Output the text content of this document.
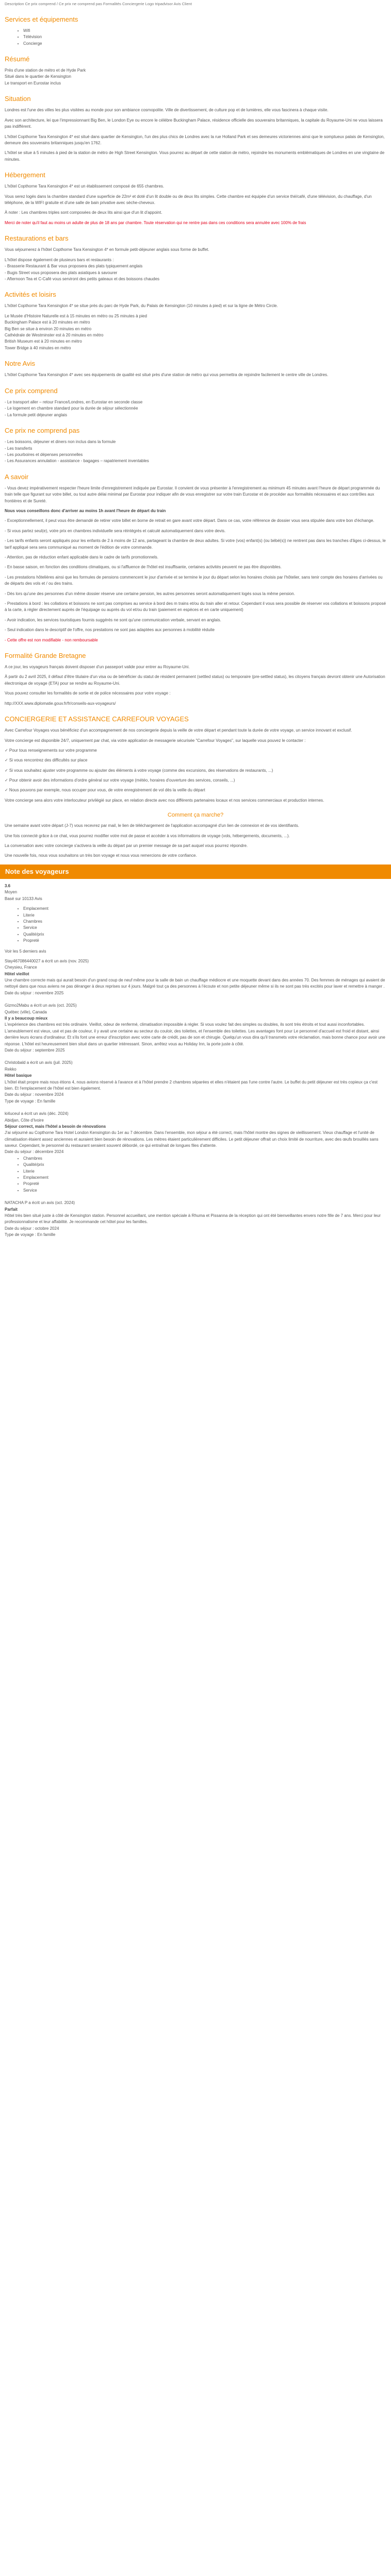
Description Ce prix comprend / Ce prix ne comprend pas Formalités Conciergerie Logo tripadvisor Avis Client

Services et équipements
• Wifi
• Télévision
• Concierge
Résumé

Près d'une station de métro et de Hyde Park
Situé dans le quartier de Kensington
Le transport en Eurostar inclus

Situation

Londres est l'une des villes les plus visitées au monde pour son ambiance cosmopolite. Ville de divertissement, de culture pop et de lumières, elle vous fascinera à chaque visite.

Avec son architecture, lei que l'impressionnant Big Ben, le London Eye ou encore le célèbre Buckingham Palace, résidence officielle des souverains britanniques, la capitale du Royaume-Uni ne vous laissera pas indifférent.

L'hôtel Copthorne Tara Kensington 4* est situé dans quartier de Kensington, l'un des plus chics de Londres avec la rue Holland Park et ses demeures victoriennes ainsi que le somptueux palais de Kensington, demeure des souverains britanniques jusqu'en 1762.

L'hôtel se situe à 5 minutes à pied de la station de métro de High Street Kensington. Vous pourrez au départ de cette station de métro, rejoindre les monuments emblématiques de Londres en une vingtaine de minutes.

Hébergement

L'hôtel Copthorne Tara Kensington 4* est un établissement composé de 655 chambres.

Vous serez logés dans la chambre standard d'une superficie de 22m² et doté d'un lit double ou de deux lits simples. Cette chambre est équipée d'un service thé/café, d'une télévision, du chauffage, d'un téléphone, de la WIFI gratuite et d'une salle de bain privative avec sèche-cheveux.

À noter : Les chambres triples sont composées de deux lits ainsi que d'un lit d'appoint.

Merci de noter qu'il faut au moins un adulte de plus de 18 ans par chambre. Toute réservation qui ne rentre pas dans ces conditions sera annulée avec 100% de frais

Restaurations et bars

Vous séjournerez à l'hôtel Copthorne Tara Kensington 4* en formule petit-déjeuner anglais sous forme de buffet.

L'hôtel dispose également de plusieurs bars et restaurants :
- Brasserie Restaurant & Bar vous proposera des plats typiquement anglais
- Bugis Street vous proposera des plats asiatiques à savourer
- Afternoon Tea et C-Café vous serviront des petits gateaux et des boissons chaudes

Activités et loisirs

L'hôtel Copthorne Tara Kensington 4* se situe près du parc de Hyde Park, du Palais de Kensington (10 minutes à pied) et sur la ligne de Métro Circle.

Le Musée d'Histoire Naturelle est à 15 minutes en métro ou 25 minutes à pied
Buckingham Palace est à 20 minutes en métro
Big Ben se situe à environ 20 minutes en métro
Cathédrale de Westminster est à 20 minutes en métro
British Museum est à 20 minutes en métro
Tower Bridge à 40 minutes en métro

Notre Avis

L'hôtel Copthorne Tara Kensington 4* avec ses équipements de qualité est situé près d'une station de métro qui vous permettra de rejoindre facilement le centre ville de Londres.

Ce prix comprend

- Le transport aller – retour France/Londres, en Eurostar en seconde classe
- Le logement en chambre standard pour la durée de séjour sélectionnée
- La formule petit déjeuner anglais

Ce prix ne comprend pas

- Les boissons, déjeuner et diners non inclus dans la formule
- Les transferts
- Les pourboires et dépenses personnelles
- Les Assurances annulation - assistance - bagages – rapatriement inventables

A savoir

- Vous devez impérativement respecter l'heure limite d'enregistrement indiquée par Eurostar. Il convient de vous présenter à l'enregistrement au minimum 45 minutes avant l'heure de départ programmée du train telle que figurant sur votre billet, ou tout autre délai minimal par Eurostar pour indiquer afin de vous enregistrer sur votre train Eurostar et de procéder aux formalités nécessaires et aux contrôles aux frontières et de Sureté.

Nous vous conseillons donc d'arriver au moins 1h avant l'heure de départ du train

- Exceptionnellement, il peut vous être demandé de retirer votre billet en borne de retrait en gare avant votre départ. Dans ce cas, votre référence de dossier vous sera stipulée dans votre bon d'échange.

- Si vous partez seul(e), votre prix en chambres individuelle sera réintégrés et calculé automatiquement dans votre devis.

- Les tarifs enfants seront appliqués pour les enfants de 2 à moins de 12 ans, partageant la chambre de deux adultes. Si votre (vos) enfant(s) (ou bébé(s)) ne rentrent pas dans les tranches d'âges ci-dessus, le tarif appliqué sera sera communiqué au moment de l'édition de votre commande.

- Attention, pas de réduction enfant applicable dans le cadre de tarifs promotionnels.

- En basse saison, en fonction des conditions climatiques, ou si l'affluence de l'hôtel est insuffisante, certaines activités peuvent ne pas être disponibles.

- Les prestations hôtelières ainsi que les formules de pensions commencent le jour d'arrivée et se termine le jour du départ selon les horaires choisis par l'hôtelier, sans tenir compte des horaires d'arrivées ou de départs des vols et / ou des trains.

- Dès lors qu'une des personnes d'un même dossier réserve une certaine pension, les autres personnes seront automatiquement logés sous la même pension.

- Prestations à bord : les collations et boissons ne sont pas comprises au service à bord des m trains et/ou du train aller et retour. Cependant il vous sera possible de réserver vos collations et boissons proposé à la carte, à régler directement auprès de l'équipage ou auprès du vol et/ou du train (paiement en espèces et en carte uniquement)

- Avoir indication, les services touristiques fournis suggérés ne sont qu'une communication verbale, servant en anglais.

- Seul indication dans le descriptif de l'offre, nos prestations ne sont pas adaptées aux personnes à mobilité réduite

- Cette offre est non modifiable - non remboursable

Formalité Grande Bretagne

A ce jour, les voyageurs français doivent disposer d'un passeport valide pour entrer au Royaume-Uni.

À partir du 2 avril 2025, il défaut d'être titulaire d'un visa ou de bénéficier du statut de résident permanent (settled status) ou temporaire (pre-settled status), les citoyens français devront obtenir une Autorisation électronique de voyage (ETA) pour se rendre au Royaume-Uni.

Vous pouvez consulter les formalités de sortie et de police nécessaires pour votre voyage :

http://XXX.www.diplomatie.gouv.fr/fr/conseils-aux-voyageurs/

CONCIERGERIE ET ASSISTANCE CARREFOUR VOYAGES

Avec Carrefour Voyages vous bénéficiez d'un accompagnement de nos conciergerie depuis la veille de votre départ et pendant toute la durée de votre voyage, un service innovant et exclusif.

Votre concierge est disponible 24/7, uniquement par chat, via votre application de messagerie sécurisée "Carrefour Voyages", sur laquelle vous pouvez le contacter :

✓ Pour tous renseignements sur votre programme

✓ Si vous rencontrez des difficultés sur place

✓ Si vous souhaitez ajuster votre programme ou ajouter des éléments à votre voyage (comme des excursions, des réservations de restaurants, ...)

✓ Pour obtenir avoir des informations d'ordre général sur votre voyage (météo, horaires d'ouverture des services, conseils, ...)

✓ Nous pouvons par exemple, nous occuper pour vous, de votre enregistrement de vol dès la veille du départ

Votre concierge sera alors votre interlocuteur privilégié sur place, en relation directe avec nos différents partenaires locaux et nos services commerciaux et production internes.

Comment ça marche?

Une semaine avant votre départ (J-7) vous recevrez par mail, le lien de téléchargement de l'application accompagné d'un lien de connexion et de vos identifiants.

Une fois connecté grâce à ce chat, vous pourrez modifier votre mot de passe et accéder à vos informations de voyage (vols, hébergements, documents, ...).

La conversation avec votre concierge s'activera la veille du départ par un premier message de sa part auquel vous pourrez répondre.

Une nouvelle fois, nous vous souhaitons un très bon voyage et nous vous remercions de votre confiance.

Note des voyageurs

3.6

Moyen

Basé sur 10133 Avis

• Emplacement
• Literie
• Chambres
• Service
• Qualité/prix
• Propreté

Voir les 5 derniers avis

Stay467086440027 a écrit un avis (nov. 2025)

Cheysieu, France

Hôtel vieillot

Une chambre correcte mais qui aurait besoin d'un grand coup de neuf même pour la salle de bain un chauffage médiocre et une moquette devant dans des années 70. Des femmes de ménages qui avaient de nettoyé dans que nous aviens ne pas déranger à deux reprises sur 4 jours. Malgré tout ça des personnes à l'écoute et non petite déjeuner même si ils ne sont pas très excités pour laver et remettre à manger .

Date du séjour : novembre 2025

Gizmo2Mabu a écrit un avis (oct. 2025)

Québec (ville), Canada

Il y a beaucoup mieux

L'expérience des chambres est très ordinaire. Vieillot, odeur de renfermé, climatisation impossible à régler. Si vous voulez fait des simples ou doubles, ils sont très étroits et tout aussi inconfortables. L'ameublement est vieux, usé et pas de couleur, il y avait une certaine au secteur du couloir, des toilettes, et l'ensemble des toilettes. Les avantages font pour Le personnel d'accueil est froid et distant, ainsi derrière leurs écrans d'ordinateur. Et s'ils font une erreur d'inscription avec votre carte de crédit, pas de son et chirugie. Quelqu'un vous dira qu'il transmets votre réclamation, mais bonne chance pour avoir une réponse. L'hôtel est heureusement bien situé dans un quartier intéressant. Sinon, arrêtez vous au Holiday Inn, la porte juste à côté.

Date du séjour : septembre 2025

Christobald a écrit un avis (juil. 2025)

Rekko

Hôtel basique

L'hôtel était propre mais nous étions 4, nous avions réservé à l'avance et à l'hôtel prendre 2 chambres séparées et elles n'étaient pas l'une contre l'autre. Le buffet du petit déjeuner est très copieux ça c'est bien. Et l'emplacement de l'hôtel est bien également.

Date du séjour : novembre 2024

Type de voyage : En famille

ki4uceul a écrit un avis (déc. 2024)

Abidjan, Côte d'Ivoire

Séjour correct, mais l'hôtel a besoin de rénovations

J'ai séjourné au Copthorne Tara Hotel London Kensington du 1er au 7 décembre. Dans l'ensemble, mon séjour a été correct, mais l'hôtel montre des signes de vieillissement. Vieux chauffage et l'unité de climatisation étaient assez anciennes et auraient bien besoin de rénovations. Les mètres étaient particulièrement difficiles. Le petit déjeuner offrait un choix limité de nourriture, avec des œufs brouillés sans saveur. Cependant, le personnel du restaurant seraient souvent débordé, ce qui entraînait de longues files d'attente.

Date du séjour : décembre 2024

• Chambres
• Qualité/prix
• Literie
• Emplacement
• Propreté
• Service

NATACHA P a écrit un avis (oct. 2024)

Parfait

Hôtel très bien situé juste à côté de Kensington station. Personnel accueillant, une mention spéciale à Rhuma et Pissanna de la réception qui ont été bienveillantes envers notre fille de 7 ans. Merci pour leur professionnalisme et leur affabilité. Je recommande cet hôtel pour les familles.

Date du séjour : octobre 2024

Type de voyage : En famille
